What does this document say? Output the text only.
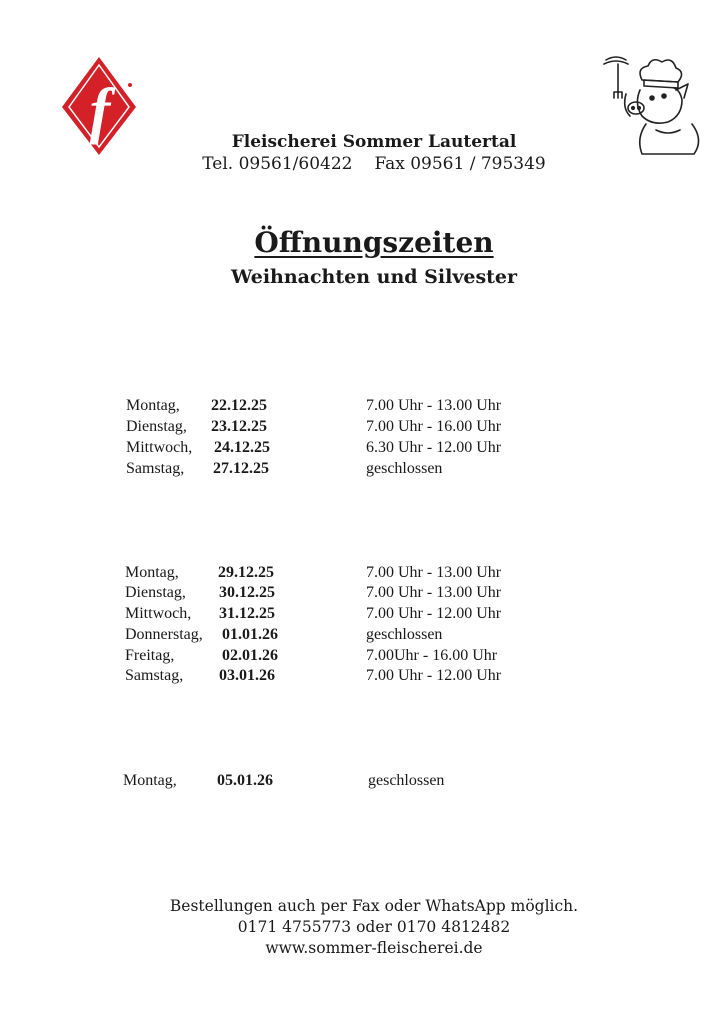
f	Fleischerei Sommer Lautertal
Tel. 09561/60422 Fax 09561 / 795349
Öffnungszeiten
Weihnachten und Silvester
Montag, 22.12.25	7.00 Uhr - 13.00 Uhr
Dienstag, 23.12.25	7.00 Uhr - 16.00 Uhr
Mittwoch, 24.12.25	6.30 Uhr - 12.00 Uhr
Samstag, 27.12.25	geschlossen
Montag, 29.12.25	7.00 Uhr - 13.00 Uhr
Dienstag, 30.12.25	7.00 Uhr - 13.00 Uhr
Mittwoch, 31.12.25	7.00 Uhr - 12.00 Uhr
Donnerstag, 01.01.26	geschlossen
Freitag,	02.01.26	7.00Uhr - 16.00 Uhr
Samstag, 03.01.26	7.00 Uhr - 12.00 Uhr
Montag,	05.01.26	geschlossen
Bestellungen auch per Fax oder WhatsApp möglich.
0171 4755773 oder 0170 4812482
www.sommer-fleischerei.de
